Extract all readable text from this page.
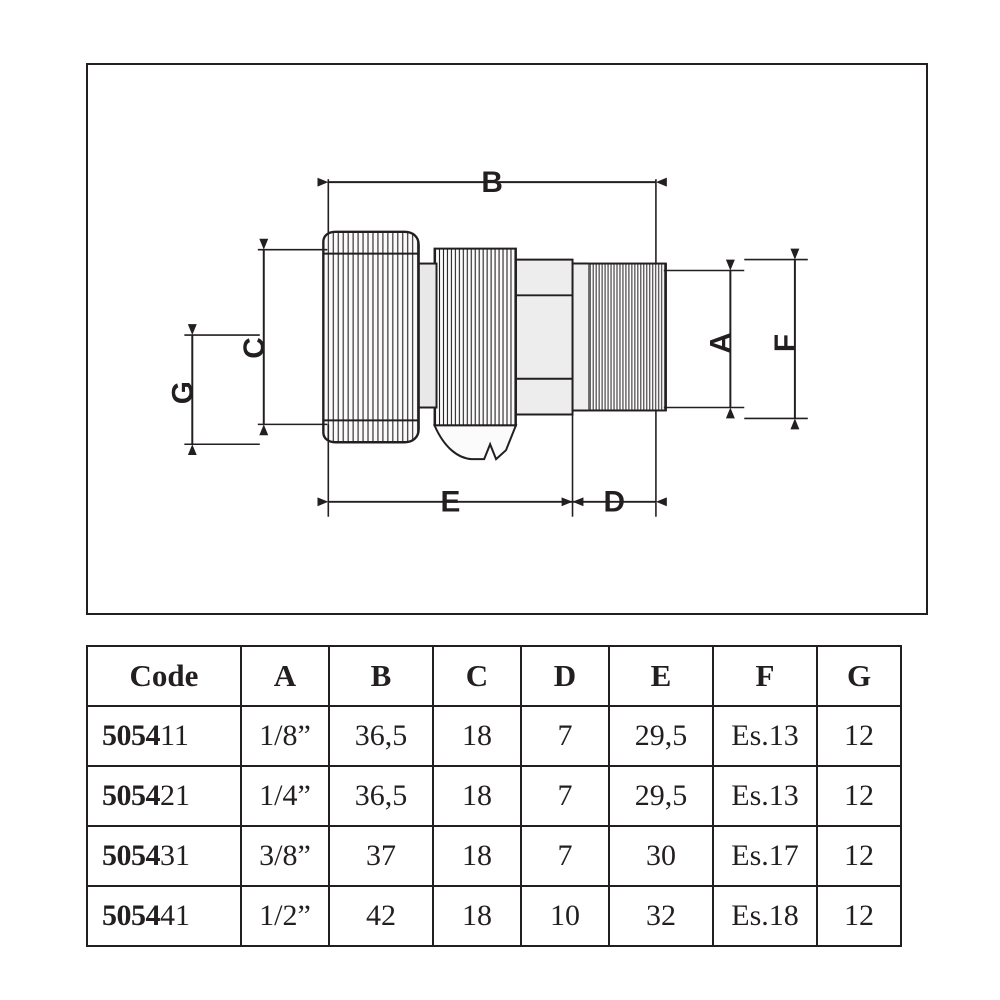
B
C
G
A F
E	D
Code	A	B	C	D	E	F	G
505411	1/8”	36,5	18	7	29,5	Es.13	12
505421	1/4”	36,5	18	7	29,5	Es.13	12
505431	3/8”	37	18	7	30	Es.17	12
505441	1/2”	42	18	10	32	Es.18	12
